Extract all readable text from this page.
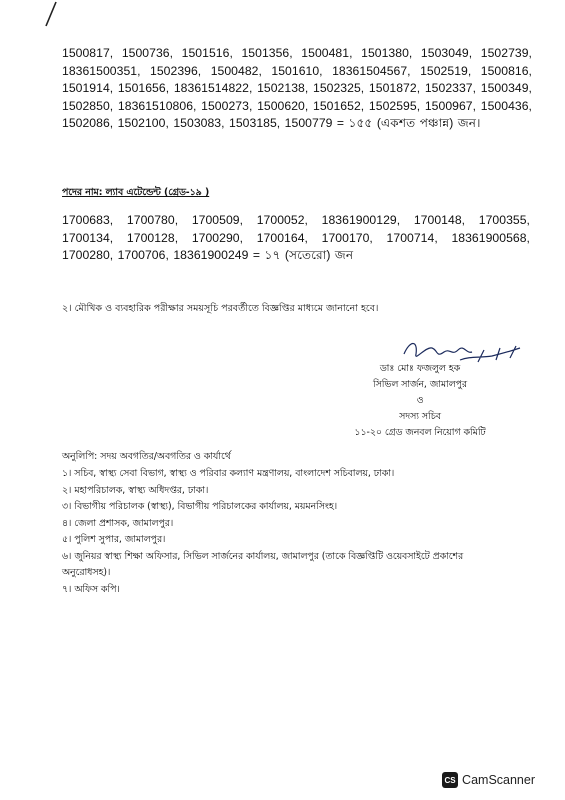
1500817, 1500736, 1501516, 1501356, 1500481, 1501380, 1503049, 1502739, 18361500351, 1502396, 1500482, 1501610, 18361504567, 1502519, 1500816, 1501914, 1501656, 18361514822, 1502138, 1502325, 1501872, 1502337, 1500349, 1502850, 18361510806, 1500273, 1500620, 1501652, 1502595, 1500967, 1500436, 1502086, 1502100, 1503083, 1503185, 1500779 = ১৫৫ (একশত পঞ্চান্ন) জন।
পদের নাম: ল্যাব এটেন্ডেন্ট (গ্রেড-১৯ )
1700683, 1700780, 1700509, 1700052, 18361900129, 1700148, 1700355, 1700134, 1700128, 1700290, 1700164, 1700170, 1700714, 18361900568, 1700280, 1700706, 18361900249 = ১৭ (সতেরো) জন
২। মৌখিক ও ব্যবহারিক পরীক্ষার সময়সূচি পরবর্তীতে বিজ্ঞপ্তির মাধ্যমে জানানো হবে।
ডাঃ মোঃ ফজলুল হক
সিভিল সার্জন, জামালপুর
ও
সদস্য সচিব
১১-২০ গ্রেড জনবল নিয়োগ কমিটি
অনুলিপি: সদয় অবগতির/অবগতির ও কার্যার্থে
১। সচিব, স্বাস্থ্য সেবা বিভাগ, স্বাস্থ্য ও পরিবার কল্যাণ মন্ত্রণালয়, বাংলাদেশ সচিবালয়, ঢাকা।
২। মহাপরিচালক, স্বাস্থ্য অধিদপ্তর, ঢাকা।
৩। বিভাগীয় পরিচালক (স্বাস্থ্য), বিভাগীয় পরিচালকের কার্যালয়, ময়মনসিংহ।
৪। জেলা প্রশাসক, জামালপুর।
৫। পুলিশ সুপার, জামালপুর।
৬। জুনিয়র স্বাস্থ্য শিক্ষা অফিসার, সিভিল সার্জনের কার্যালয়, জামালপুর (তাকে বিজ্ঞপ্তিটি ওয়েবসাইটে প্রকাশের অনুরোধসহ)।
৭। অফিস কপি।
CS CamScanner
